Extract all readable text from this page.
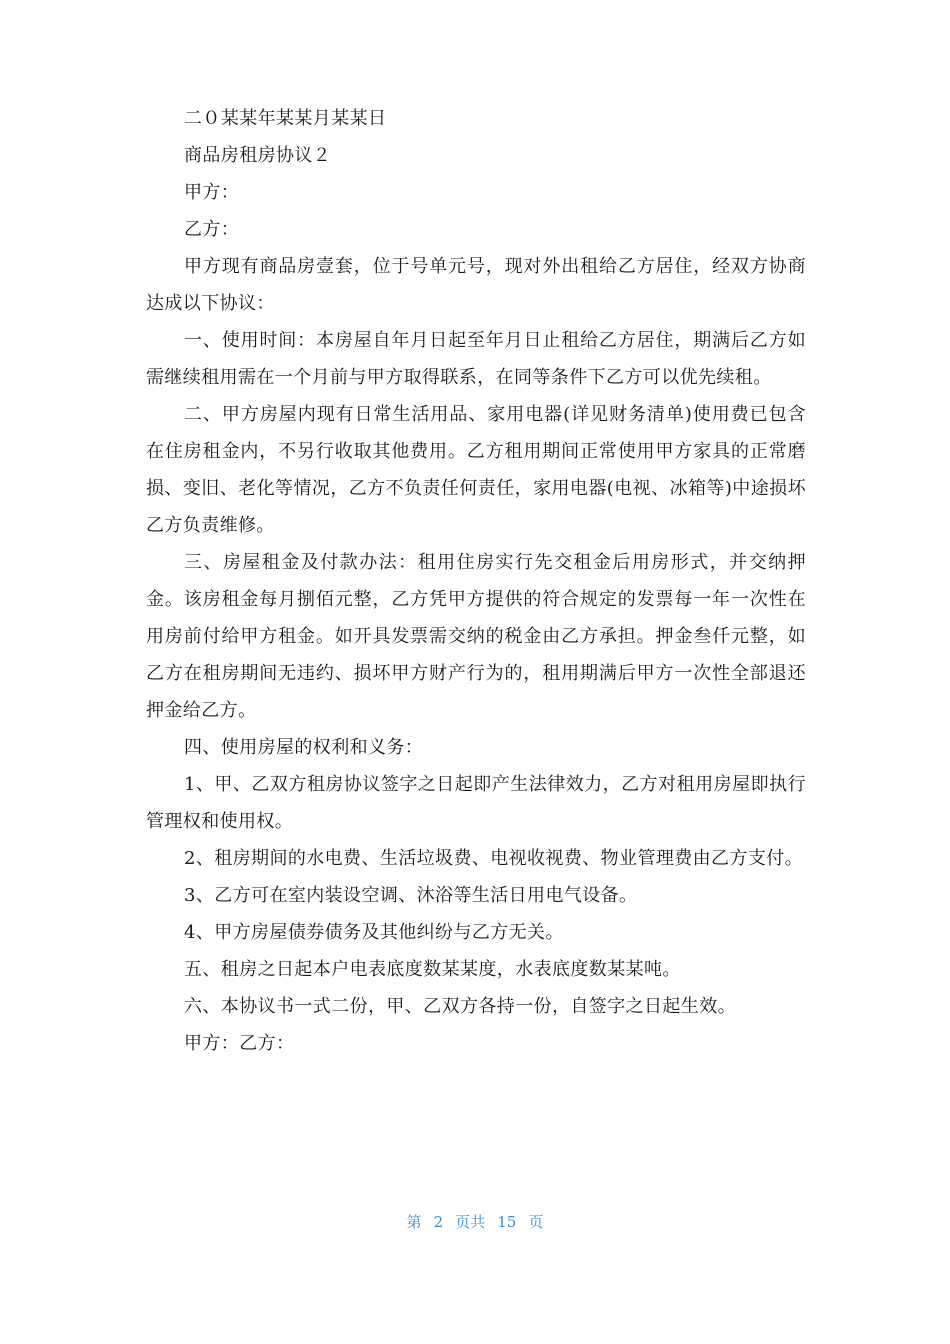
二０某某年某某月某某日

商品房租房协议２

甲方：

乙方：

甲方现有商品房壹套，位于号单元号，现对外出租给乙方居住，经双方协商达成以下协议：

一、使用时间：本房屋自年月日起至年月日止租给乙方居住，期满后乙方如需继续租用需在一个月前与甲方取得联系，在同等条件下乙方可以优先续租。

二、甲方房屋内现有日常生活用品、家用电器(详见财务清单)使用费已包含在住房租金内，不另行收取其他费用。乙方租用期间正常使用甲方家具的正常磨损、变旧、老化等情况，乙方不负责任何责任，家用电器(电视、冰箱等)中途损坏乙方负责维修。

三、房屋租金及付款办法：租用住房实行先交租金后用房形式，并交纳押金。该房租金每月捌佰元整，乙方凭甲方提供的符合规定的发票每一年一次性在用房前付给甲方租金。如开具发票需交纳的税金由乙方承担。押金叁仟元整，如乙方在租房期间无违约、损坏甲方财产行为的，租用期满后甲方一次性全部退还押金给乙方。

四、使用房屋的权利和义务：

1、甲、乙双方租房协议签字之日起即产生法律效力，乙方对租用房屋即执行管理权和使用权。

2、租房期间的水电费、生活垃圾费、电视收视费、物业管理费由乙方支付。

3、乙方可在室内装设空调、沐浴等生活日用电气设备。

4、甲方房屋债券债务及其他纠纷与乙方无关。

五、租房之日起本户电表底度数某某度，水表底度数某某吨。

六、本协议书一式二份，甲、乙双方各持一份，自签字之日起生效。

甲方：乙方：

第 2 页共 15 页
